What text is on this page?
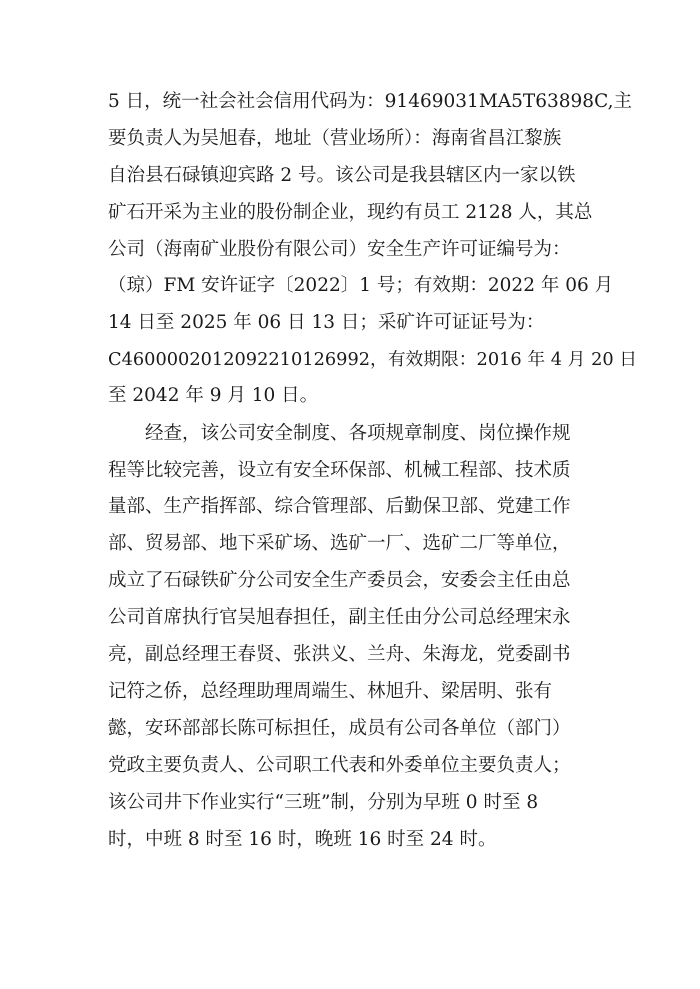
5 日，统一社会社会信用代码为：91469031MA5T63898C,主
要负责人为吴旭春，地址（营业场所）：海南省昌江黎族
自治县石碌镇迎宾路 2 号。该公司是我县辖区内一家以铁
矿石开采为主业的股份制企业，现约有员工 2128 人，其总
公司（海南矿业股份有限公司）安全生产许可证编号为：
（琼）FM 安许证字〔2022〕1 号；有效期：2022 年 06 月
14 日至 2025 年 06 日 13 日；采矿许可证证号为：
C4600002012092210126992，有效期限：2016 年 4 月 20 日
至 2042 年 9 月 10 日。
经查，该公司安全制度、各项规章制度、岗位操作规
程等比较完善，设立有安全环保部、机械工程部、技术质
量部、生产指挥部、综合管理部、后勤保卫部、党建工作
部、贸易部、地下采矿场、选矿一厂、选矿二厂等单位，
成立了石碌铁矿分公司安全生产委员会，安委会主任由总
公司首席执行官吴旭春担任，副主任由分公司总经理宋永
亮，副总经理王春贤、张洪义、兰舟、朱海龙，党委副书
记符之侨，总经理助理周端生、林旭升、梁居明、张有
懿，安环部部长陈可标担任，成员有公司各单位（部门）
党政主要负责人、公司职工代表和外委单位主要负责人；
该公司井下作业实行“三班”制，分别为早班 0 时至 8
时，中班 8 时至 16 时，晚班 16 时至 24 时。
